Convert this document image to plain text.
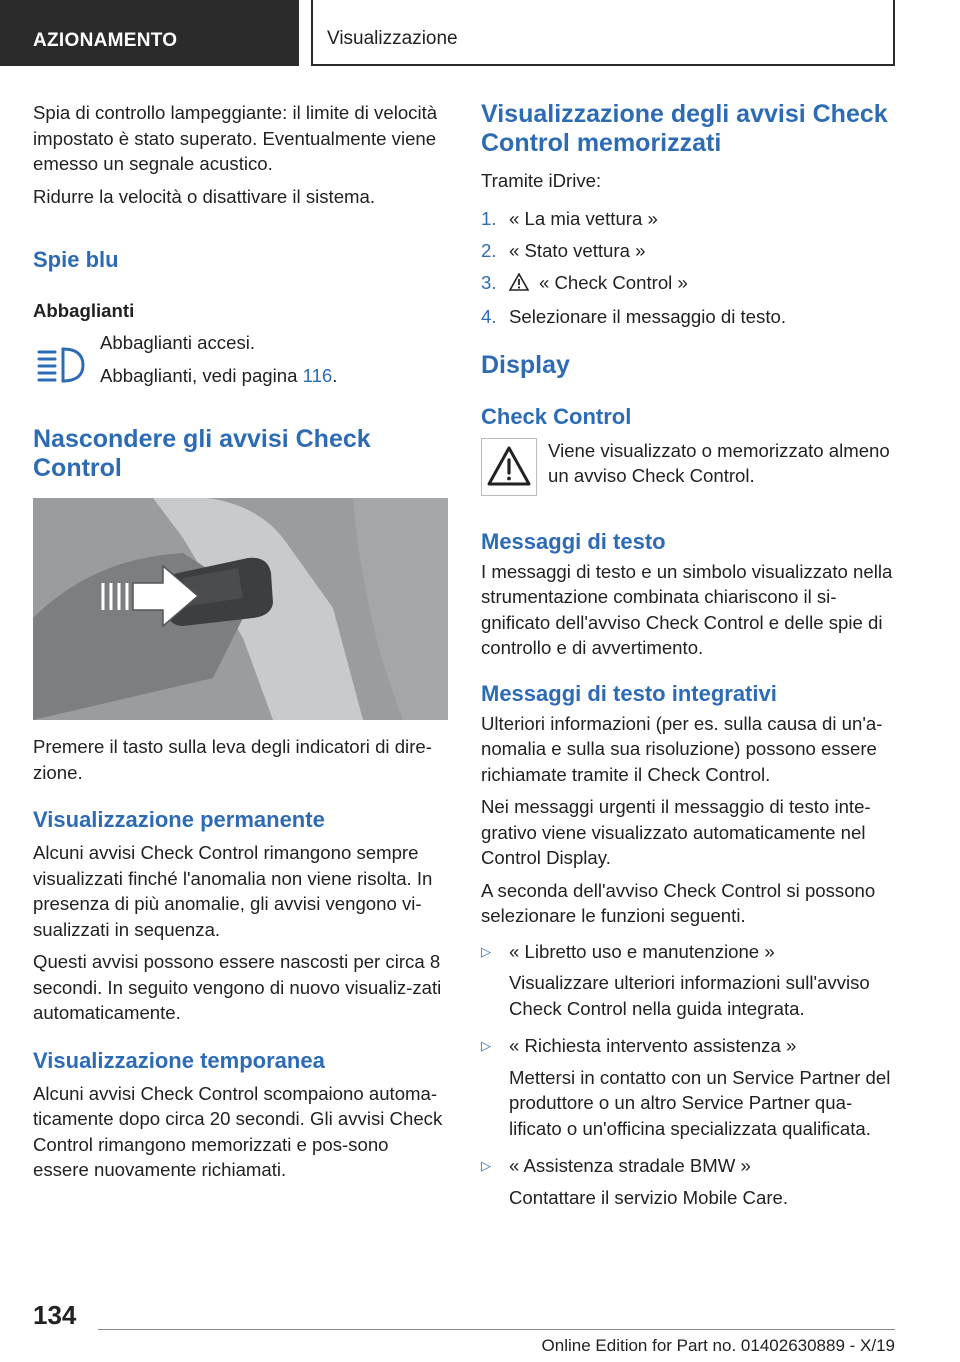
AZIONAMENTO	Visualizzazione

Spia di controllo lampeggiante: il limite di velocità impostato è stato superato. Eventualmente viene emesso un segnale acustico.

Ridurre la velocità o disattivare il sistema.

Spie blu
Abbaglianti

Abbaglianti accesi.

Abbaglianti, vedi pagina 116.

Nascondere gli avvisi Check Control

Premere il tasto sulla leva degli indicatori di dire-zione.

Visualizzazione permanente

Alcuni avvisi Check Control rimangono sempre visualizzati finché l'anomalia non viene risolta. In presenza di più anomalie, gli avvisi vengono vi-sualizzati in sequenza.

Questi avvisi possono essere nascosti per circa 8 secondi. In seguito vengono di nuovo visualiz-zati automaticamente.

Visualizzazione temporanea

Alcuni avvisi Check Control scompaiono automa-ticamente dopo circa 20 secondi. Gli avvisi Check Control rimangono memorizzati e pos-sono essere nuovamente richiamati.

Visualizzazione degli avvisi Check Control memorizzati

Tramite iDrive:

1. « La mia vettura »
2. « Stato vettura »
3.	« Check Control »
4. Selezionare il messaggio di testo.
Display
Check Control

Viene visualizzato o memorizzato almeno un avviso Check Control.

Messaggi di testo

I messaggi di testo e un simbolo visualizzato nella strumentazione combinata chiariscono il si-gnificato dell'avviso Check Control e delle spie di controllo e di avvertimento.

Messaggi di testo integrativi

Ulteriori informazioni (per es. sulla causa di un'a-nomalia e sulla sua risoluzione) possono essere richiamate tramite il Check Control.

Nei messaggi urgenti il messaggio di testo inte-grativo viene visualizzato automaticamente nel Control Display.

A seconda dell'avviso Check Control si possono selezionare le funzioni seguenti.

▷ « Libretto uso e manutenzione »

Visualizzare ulteriori informazioni sull'avviso Check Control nella guida integrata.

▷ « Richiesta intervento assistenza »

Mettersi in contatto con un Service Partner del produttore o un altro Service Partner qua-lificato o un'officina specializzata qualificata.

▷ « Assistenza stradale BMW »

Contattare il servizio Mobile Care.

134
Online Edition for Part no. 01402630889 - X/19
